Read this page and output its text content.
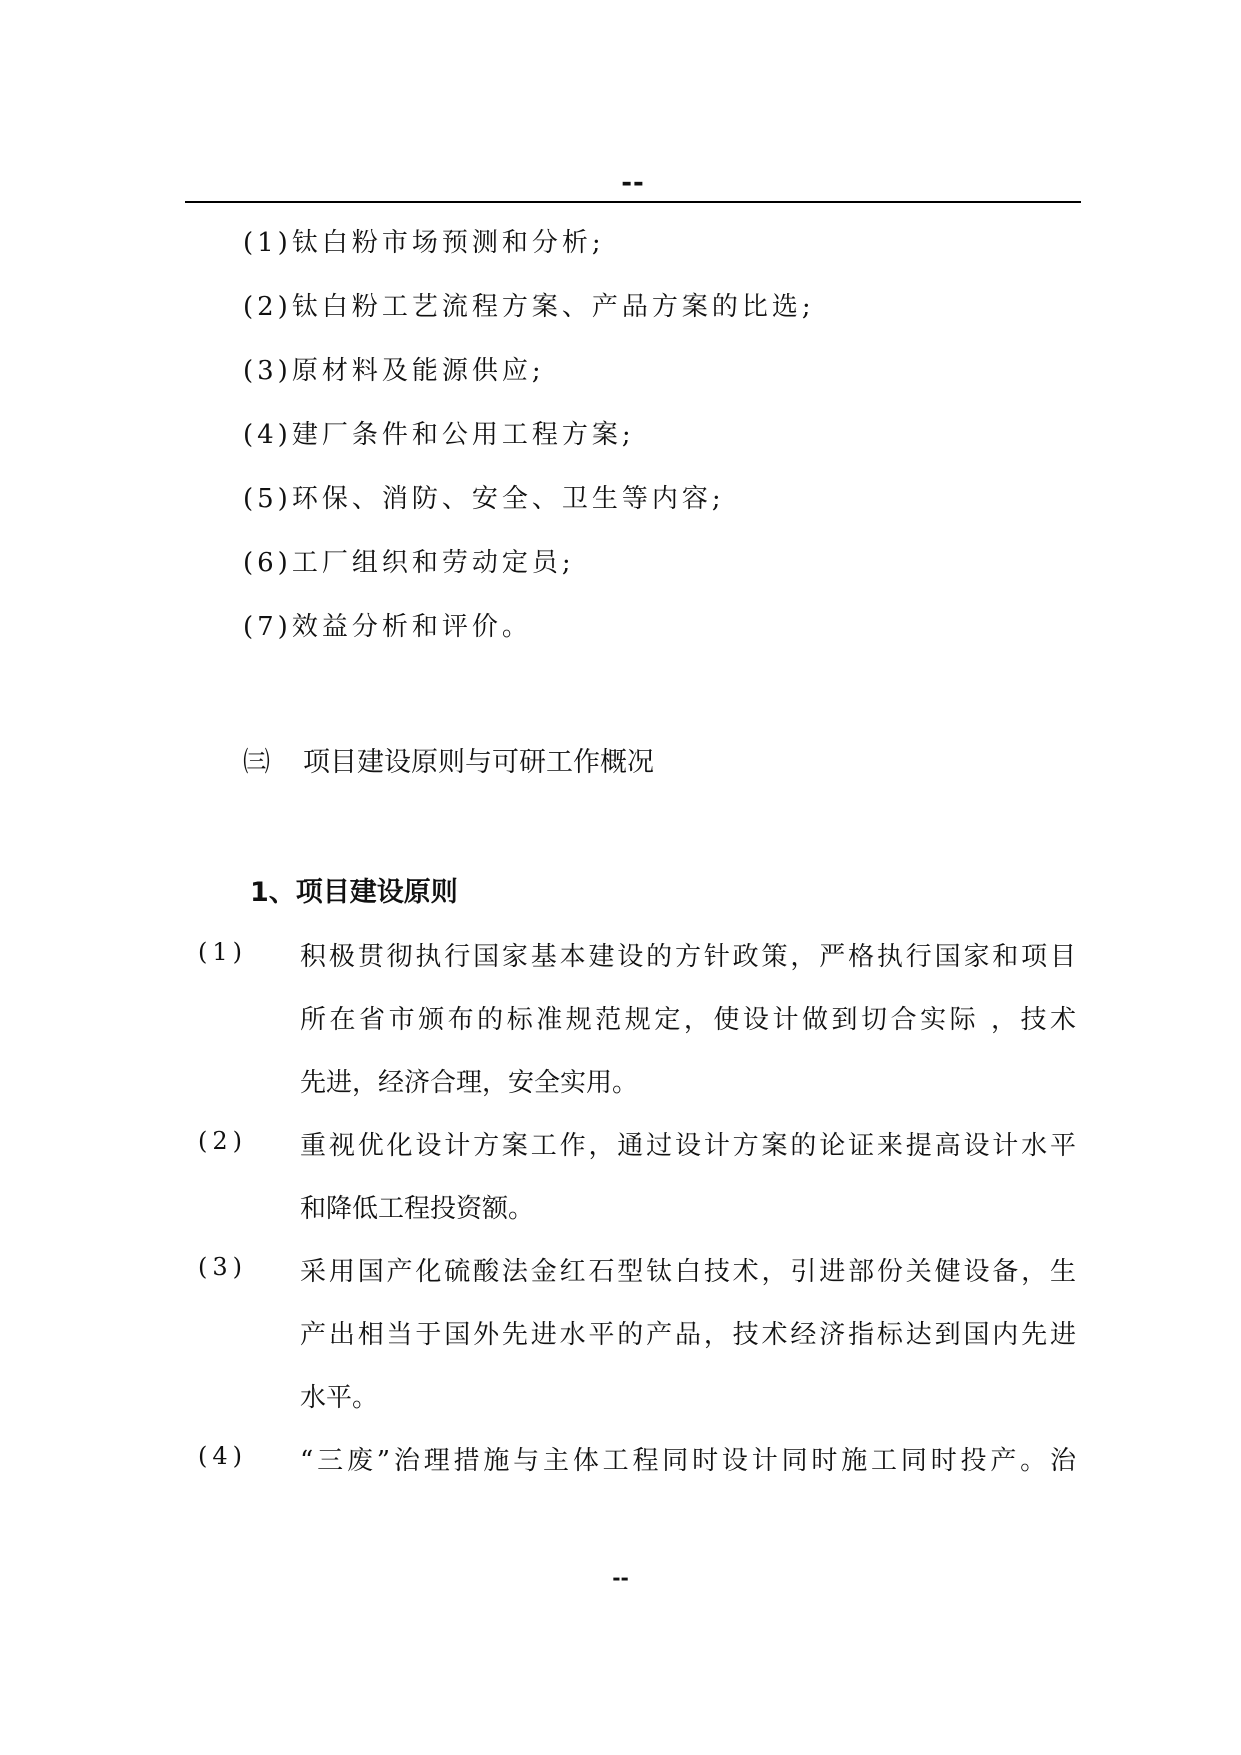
--
(1)钛白粉市场预测和分析;
(2)钛白粉工艺流程方案、产品方案的比选;
(3)原材料及能源供应;
(4)建厂条件和公用工程方案;
(5)环保、消防、安全、卫生等内容;
(6)工厂组织和劳动定员;
(7)效益分析和评价。
㈢ 项目建设原则与可研工作概况
1、项目建设原则
(1) 积极贯彻执行国家基本建设的方针政策，严格执行国家和项目
所在省市颁布的标准规范规定，使设计做到切合实际 ，技术
先进，经济合理，安全实用。
(2) 重视优化设计方案工作，通过设计方案的论证来提高设计水平
和降低工程投资额。
(3) 采用国产化硫酸法金红石型钛白技术，引进部份关健设备，生
产出相当于国外先进水平的产品，技术经济指标达到国内先进
水平。
(4) “三废”治理措施与主体工程同时设计同时施工同时投产。治
--
